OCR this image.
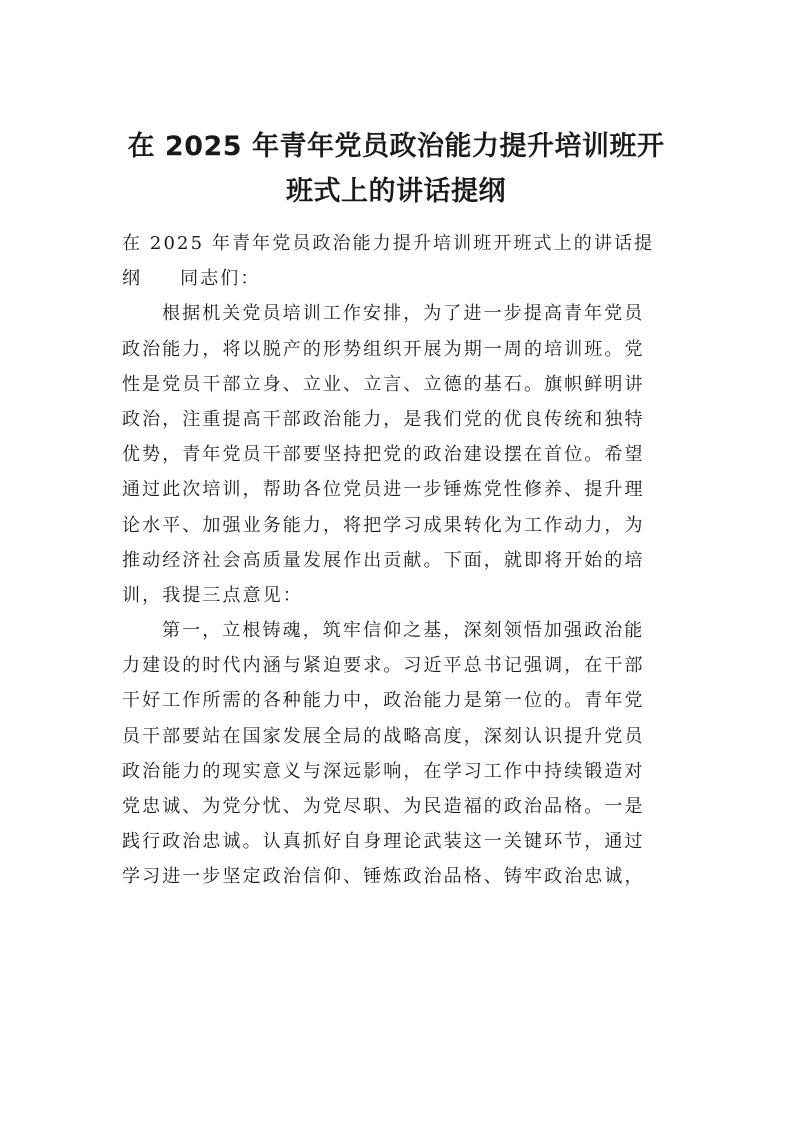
在 2025 年青年党员政治能力提升培训班开
班式上的讲话提纲
在 2025 年青年党员政治能力提升培训班开班式上的讲话提
纲 同志们：
根据机关党员培训工作安排，为了进一步提高青年党员
政治能力，将以脱产的形势组织开展为期一周的培训班。党
性是党员干部立身、立业、立言、立德的基石。旗帜鲜明讲
政治，注重提高干部政治能力，是我们党的优良传统和独特
优势，青年党员干部要坚持把党的政治建设摆在首位。希望
通过此次培训，帮助各位党员进一步锤炼党性修养、提升理
论水平、加强业务能力，将把学习成果转化为工作动力，为
推动经济社会高质量发展作出贡献。下面，就即将开始的培
训，我提三点意见：
第一，立根铸魂，筑牢信仰之基，深刻领悟加强政治能
力建设的时代内涵与紧迫要求。习近平总书记强调，在干部
干好工作所需的各种能力中，政治能力是第一位的。青年党
员干部要站在国家发展全局的战略高度，深刻认识提升党员
政治能力的现实意义与深远影响，在学习工作中持续锻造对
党忠诚、为党分忧、为党尽职、为民造福的政治品格。一是
践行政治忠诚。认真抓好自身理论武装这一关键环节，通过
学习进一步坚定政治信仰、锤炼政治品格、铸牢政治忠诚，
